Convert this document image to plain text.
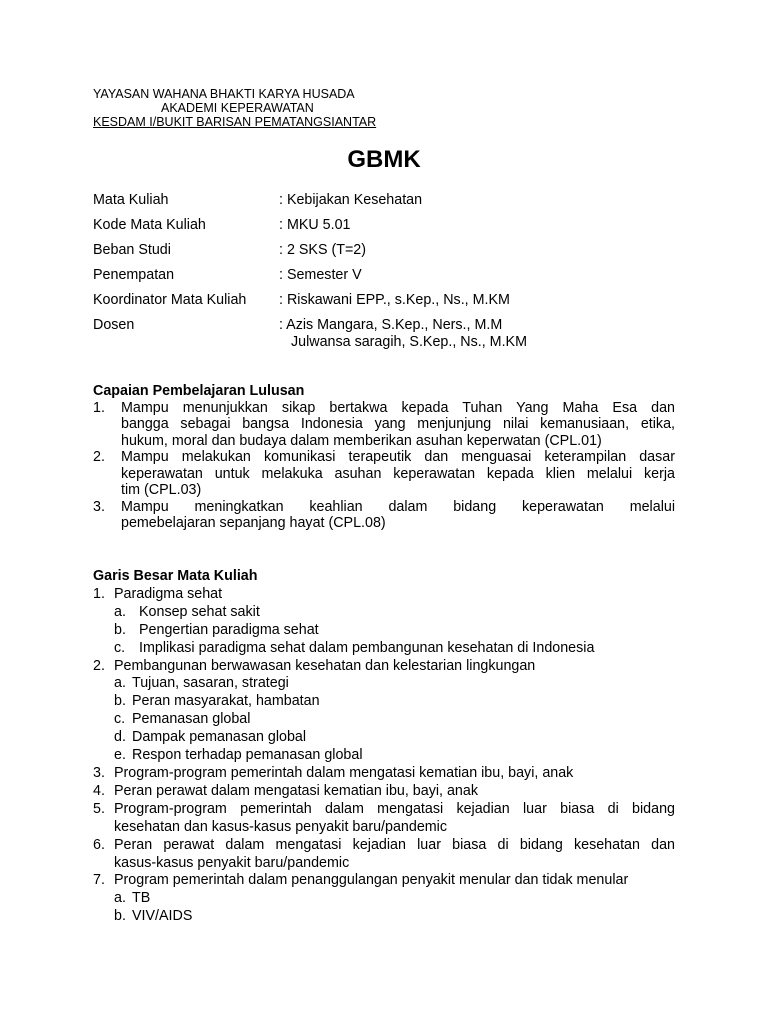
YAYASAN WAHANA BHAKTI KARYA HUSADA
AKADEMI KEPERAWATAN
KESDAM I/BUKIT BARISAN PEMATANGSIANTAR
GBMK
Mata Kuliah	: Kebijakan Kesehatan
Kode Mata Kuliah	: MKU 5.01
Beban Studi	: 2 SKS (T=2)
Penempatan	: Semester V
Koordinator Mata Kuliah : Riskawani EPP., s.Kep., Ns., M.KM
Dosen	: Azis Mangara, S.Kep., Ners., M.M
Julwansa saragih, S.Kep., Ns., M.KM
Capaian Pembelajaran Lulusan
1. Mampu menunjukkan sikap bertakwa kepada Tuhan Yang Maha Esa dan
bangga sebagai bangsa Indonesia yang menjunjung nilai kemanusiaan, etika,
hukum, moral dan budaya dalam memberikan asuhan keperwatan (CPL.01)
2. Mampu melakukan komunikasi terapeutik dan menguasai keterampilan dasar
keperawatan untuk melakuka asuhan keperawatan kepada klien melalui kerja
tim (CPL.03)
3. Mampu meningkatkan keahlian dalam bidang keperawatan melalui
pemebelajaran sepanjang hayat (CPL.08)
Garis Besar Mata Kuliah
1. Paradigma sehat
a. Konsep sehat sakit
b. Pengertian paradigma sehat
c. Implikasi paradigma sehat dalam pembangunan kesehatan di Indonesia
2. Pembangunan berwawasan kesehatan dan kelestarian lingkungan
a. Tujuan, sasaran, strategi
b. Peran masyarakat, hambatan
c. Pemanasan global
d. Dampak pemanasan global
e. Respon terhadap pemanasan global
3. Program-program pemerintah dalam mengatasi kematian ibu, bayi, anak
4. Peran perawat dalam mengatasi kematian ibu, bayi, anak
5. Program-program pemerintah dalam mengatasi kejadian luar biasa di bidang
kesehatan dan kasus-kasus penyakit baru/pandemic
6. Peran perawat dalam mengatasi kejadian luar biasa di bidang kesehatan dan
kasus-kasus penyakit baru/pandemic
7. Program pemerintah dalam penanggulangan penyakit menular dan tidak menular
a. TB
b. VIV/AIDS
